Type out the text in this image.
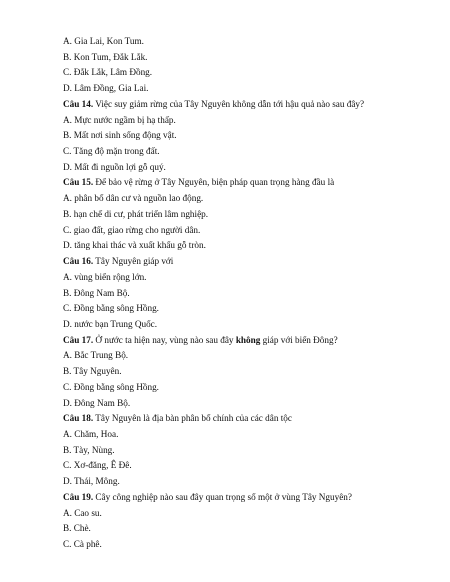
A. Gia Lai, Kon Tum.
B. Kon Tum, Đắk Lắk.
C. Đắk Lắk, Lâm Đồng.
D. Lâm Đồng, Gia Lai.
Câu 14. Việc suy giảm rừng của Tây Nguyên không dẫn tới hậu quả nào sau đây?
A. Mực nước ngầm bị hạ thấp.
B. Mất nơi sinh sống động vật.
C. Tăng độ mặn trong đất.
D. Mất đi nguồn lợi gỗ quý.
Câu 15. Để bảo vệ rừng ở Tây Nguyên, biện pháp quan trọng hàng đầu là
A. phân bố dân cư và nguồn lao động.
B. hạn chế di cư, phát triển lâm nghiệp.
C. giao đất, giao rừng cho người dân.
D. tăng khai thác và xuất khẩu gỗ tròn.
Câu 16. Tây Nguyên giáp với
A. vùng biển rộng lớn.
B. Đông Nam Bộ.
C. Đồng bằng sông Hồng.
D. nước bạn Trung Quốc.
Câu 17. Ở nước ta hiện nay, vùng nào sau đây không giáp với biển Đông?
A. Bắc Trung Bộ.
B. Tây Nguyên.
C. Đồng bằng sông Hồng.
D. Đông Nam Bộ.
Câu 18. Tây Nguyên là địa bàn phân bố chính của các dân tộc
A. Chăm, Hoa.
B. Tày, Nùng.
C. Xơ-đăng, Ê Đê.
D. Thái, Mông.
Câu 19. Cây công nghiệp nào sau đây quan trọng số một ở vùng Tây Nguyên?
A. Cao su.
B. Chè.
C. Cà phê.
